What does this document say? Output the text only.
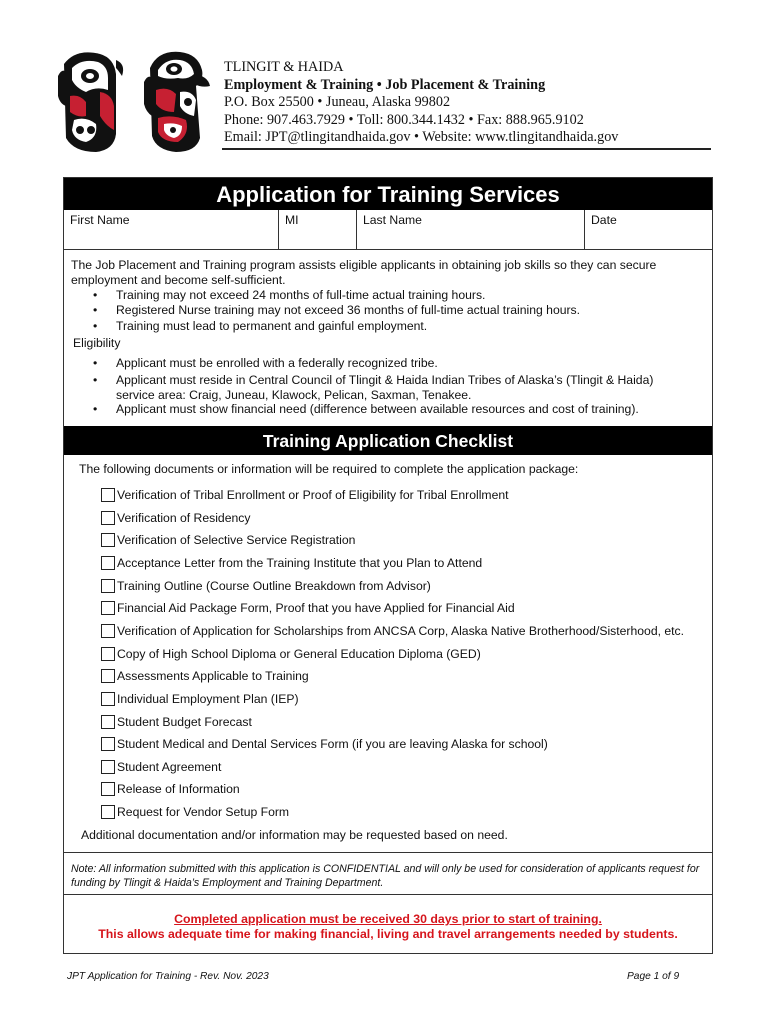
TLINGIT & HAIDA
Employment & Training • Job Placement & Training
P.O. Box 25500 • Juneau, Alaska 99802
Phone: 907.463.7929 • Toll: 800.344.1432 • Fax: 888.965.9102
Email: JPT@tlingitandhaida.gov • Website: www.tlingitandhaida.gov
Application for Training Services
First Name	MI	Last Name	Date
The Job Placement and Training program assists eligible applicants in obtaining job skills so they can secure employment and become self-sufficient.
• Training may not exceed 24 months of full-time actual training hours.
• Registered Nurse training may not exceed 36 months of full-time actual training hours.
• Training must lead to permanent and gainful employment.
Eligibility
• Applicant must be enrolled with a federally recognized tribe.
• Applicant must reside in Central Council of Tlingit & Haida Indian Tribes of Alaska’s (Tlingit & Haida)
service area: Craig, Juneau, Klawock, Pelican, Saxman, Tenakee.
• Applicant must show financial need (difference between available resources and cost of training).
Training Application Checklist
The following documents or information will be required to complete the application package:
Verification of Tribal Enrollment or Proof of Eligibility for Tribal Enrollment
Verification of Residency
Verification of Selective Service Registration
Acceptance Letter from the Training Institute that you Plan to Attend
Training Outline (Course Outline Breakdown from Advisor)
Financial Aid Package Form, Proof that you have Applied for Financial Aid
Verification of Application for Scholarships from ANCSA Corp, Alaska Native Brotherhood/Sisterhood, etc.
Copy of High School Diploma or General Education Diploma (GED)
Assessments Applicable to Training
Individual Employment Plan (IEP)
Student Budget Forecast
Student Medical and Dental Services Form (if you are leaving Alaska for school)
Student Agreement
Release of Information
Request for Vendor Setup Form
Additional documentation and/or information may be requested based on need.
Note: All information submitted with this application is CONFIDENTIAL and will only be used for consideration of applicants request for funding by Tlingit & Haida’s Employment and Training Department.
Completed application must be received 30 days prior to start of training.
This allows adequate time for making financial, living and travel arrangements needed by students.
JPT Application for Training - Rev. Nov. 2023	Page 1 of 9
